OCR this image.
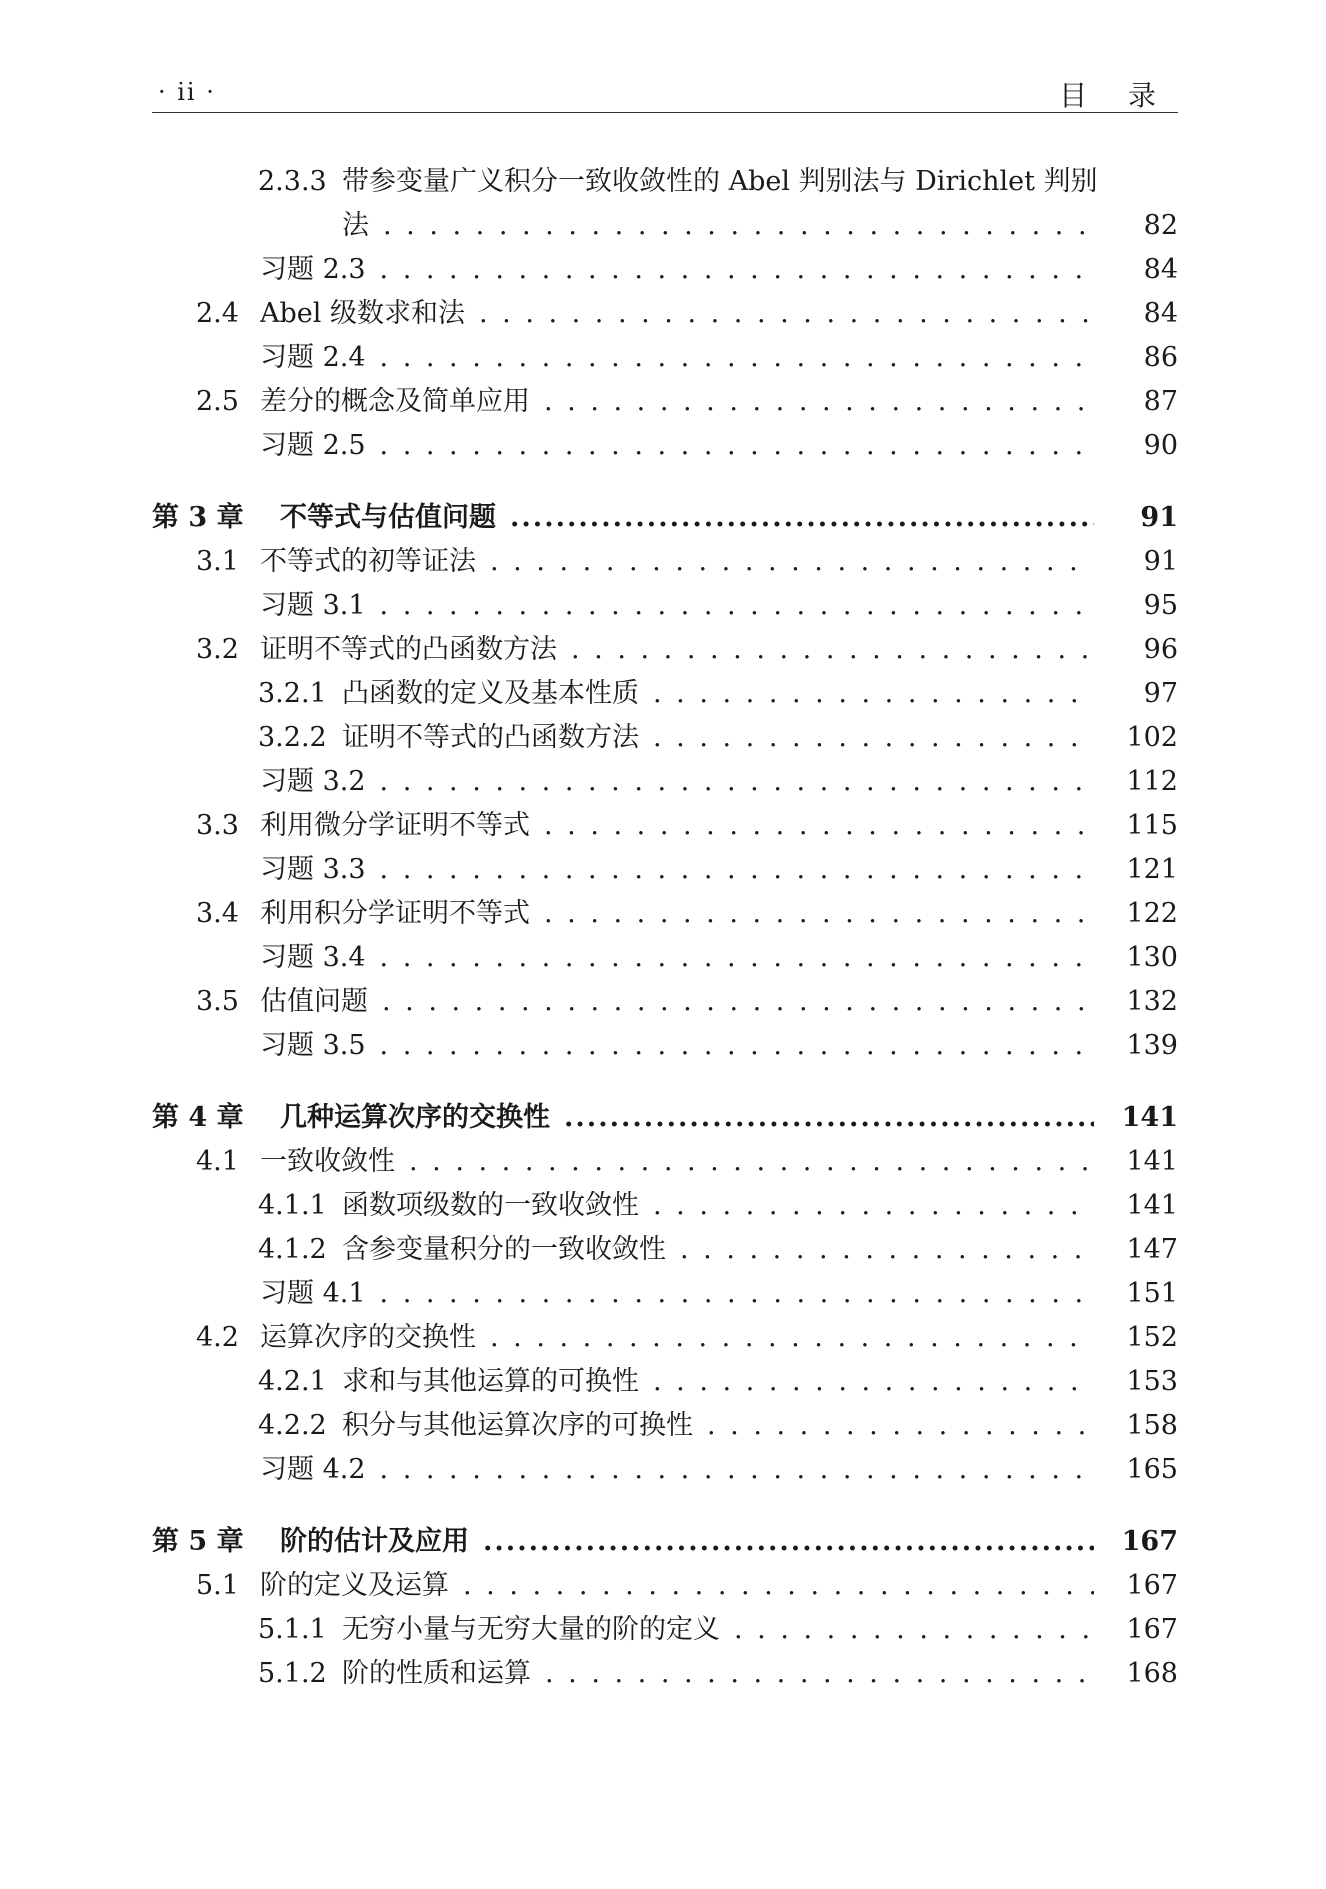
· ii ·	目 录
2.3.3 带参变量广义积分一致收敛性的 Abel 判别法与 Dirichlet 判别
法 . . .	82
习题 2.3 . . .	84
2.4 Abel 级数求和法 . . .	84
习题 2.4 . . .	86
2.5 差分的概念及简单应用 . . .	87
习题 2.5 . . .	90
第 3 章 不等式与估值问题 .....	91
3.1 不等式的初等证法 . . .	91
习题 3.1 . . .	95
3.2 证明不等式的凸函数方法 . . .	96
3.2.1 凸函数的定义及基本性质 . . .	97
3.2.2 证明不等式的凸函数方法 . . .	102
习题 3.2 . . .	112
3.3 利用微分学证明不等式 . . .	115
习题 3.3 . . .	121
3.4 利用积分学证明不等式 . . .	122
习题 3.4 . . .	130
3.5 估值问题 . . .	132
习题 3.5 . . .	139
第 4 章 几种运算次序的交换性 .....	141
4.1 一致收敛性 . . .	141
4.1.1 函数项级数的一致收敛性 . . .	141
4.1.2 含参变量积分的一致收敛性 . . .	147
习题 4.1 . . .	151
4.2 运算次序的交换性 . . .	152
4.2.1 求和与其他运算的可换性 . . .	153
4.2.2 积分与其他运算次序的可换性 . . .	158
习题 4.2 . . .	165
第 5 章 阶的估计及应用 .....	167
5.1 阶的定义及运算 . . .	167
5.1.1 无穷小量与无穷大量的阶的定义 . . .	167
5.1.2 阶的性质和运算 . . .	168
